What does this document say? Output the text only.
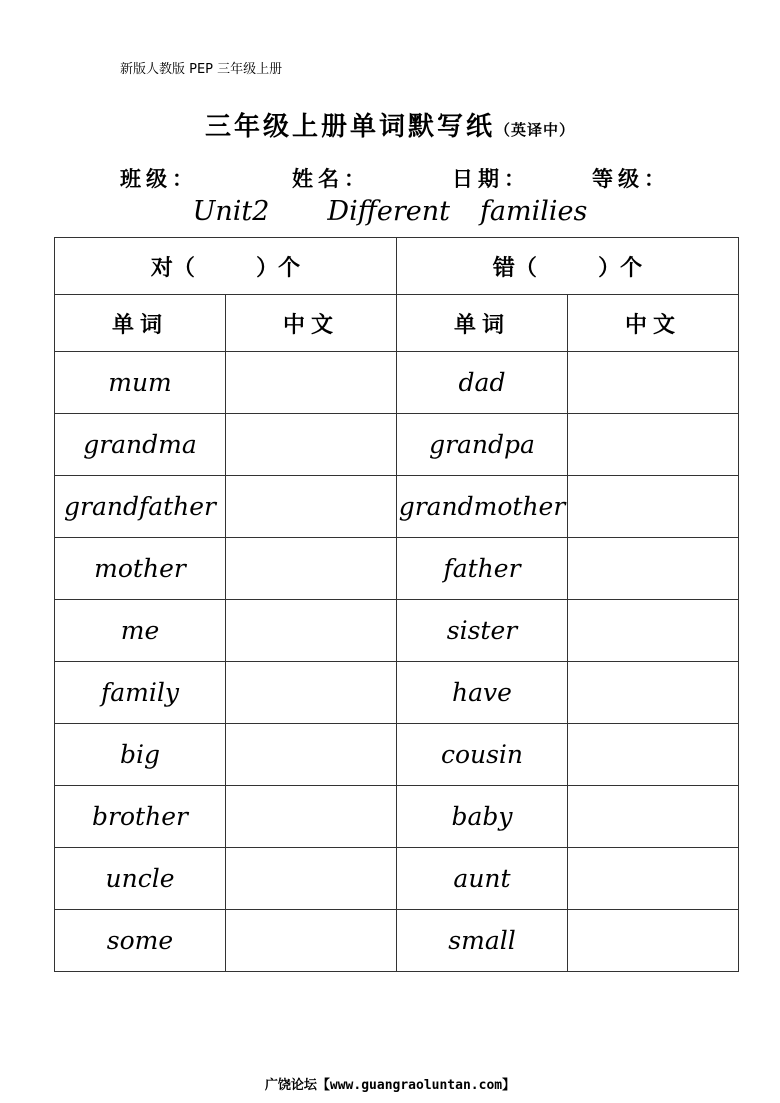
新版人教版 PEP 三年级上册
三年级上册单词默写纸（英译中）
班级：	姓名：	日期：	等级：
Unit2 Different families
对（        ）个		错（        ）个	
单词	中文	单词	中文
mum		dad	
grandma		grandpa	
grandfather		grandmother	
mother		father	
me		sister	
family		have	
big		cousin	
brother		baby	
uncle		aunt	
some		small	
广饶论坛【www.guangraoluntan.com】
